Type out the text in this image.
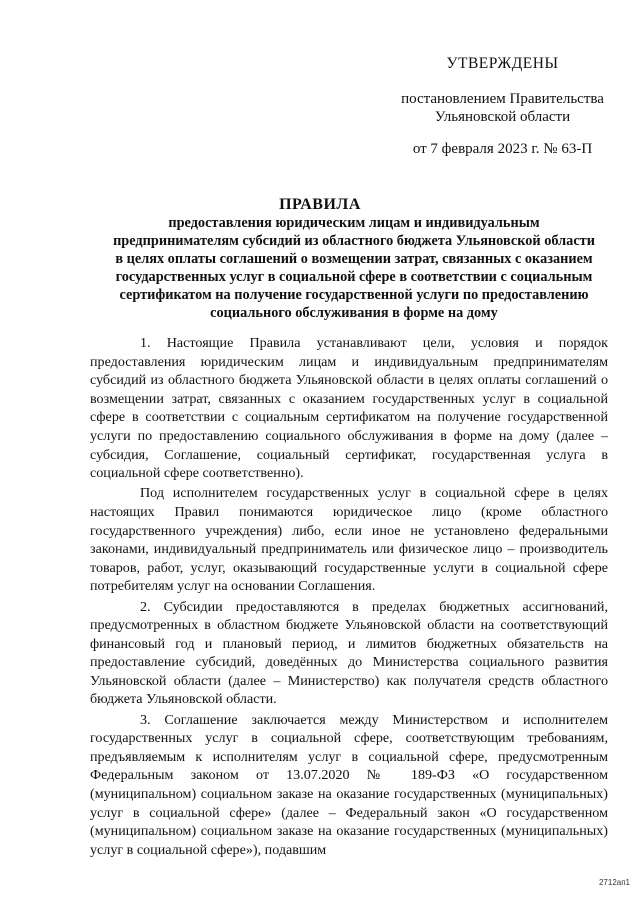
УТВЕРЖДЕНЫ
постановлением Правительства
Ульяновской области
от 7 февраля 2023 г. № 63-П
ПРАВИЛА
предоставления юридическим лицам и индивидуальным
предпринимателям субсидий из областного бюджета Ульяновской области
в целях оплаты соглашений о возмещении затрат, связанных с оказанием
государственных услуг в социальной сфере в соответствии с социальным
сертификатом на получение государственной услуги по предоставлению
социального обслуживания в форме на дому

1. Настоящие Правила устанавливают цели, условия и порядок предоставления юридическим лицам и индивидуальным предпринимателям субсидий из областного бюджета Ульяновской области в целях оплаты соглашений о возмещении затрат, связанных с оказанием государственных услуг в социальной сфере в соответствии с социальным сертификатом на получение государственной услуги по предоставлению социального обслуживания в форме на дому (далее – субсидия, Соглашение, социальный сертификат, государственная услуга в социальной сфере соответственно).

Под исполнителем государственных услуг в социальной сфере в целях настоящих Правил понимаются юридическое лицо (кроме областного государственного учреждения) либо, если иное не установлено федеральными законами, индивидуальный предприниматель или физическое лицо – производитель товаров, работ, услуг, оказывающий государственные услуги в социальной сфере потребителям услуг на основании Соглашения.

2. Субсидии предоставляются в пределах бюджетных ассигнований, предусмотренных в областном бюджете Ульяновской области на соответствующий финансовый год и плановый период, и лимитов бюджетных обязательств на предоставление субсидий, доведённых до Министерства социального развития Ульяновской области (далее – Министерство) как получателя средств областного бюджета Ульяновской области.

3. Соглашение заключается между Министерством и исполнителем государственных услуг в социальной сфере, соответствующим требованиям, предъявляемым к исполнителям услуг в социальной сфере, предусмотренным Федеральным законом от 13.07.2020 № 189-ФЗ «О государственном (муниципальном) социальном заказе на оказание государственных (муниципальных) услуг в социальной сфере» (далее – Федеральный закон «О государственном (муниципальном) социальном заказе на оказание государственных (муниципальных) услуг в социальной сфере»), подавшим

2712ап1
